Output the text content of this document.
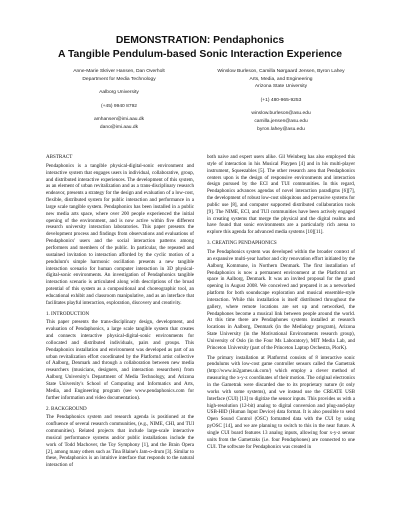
DEMONSTRATION: Pendaphonics
A Tangible Pendulum-based Sonic Interaction Experience
Anne-Marie Skriver Hansen, Dan Overholt
Department for Media Technology
Aalborg University
(+45) 9940 8792
amhansen@imi.aau.dk
dano@imi.aau.dk
Winslow Burleson, Camilla Nørgaard Jensen, Byron Lahey
Arts, Media, and Engineering
Arizona State University
(+1) 480-965-9253
winslow.burleson@asu.edu
camilla.jensen@asu.edu
byron.lahey@asu.edu
ABSTRACT

Pendaphonics is a tangible physical-digital-sonic environment and interactive system that engages users in individual, collaborative, group, and distributed interactive experiences. The development of this system, as an element of urban revitalization and as a trans-disciplinary research endeavor, presents a strategy for the design and evaluation of a low-cost, flexible, distributed system for public interaction and performance in a large scale tangible system. Pendaphonics has been installed in a public new media arts space, where over 200 people experienced the initial opening of the environment, and is now active within five different research university interaction laboratories. This paper presents the development process and findings from observations and evaluations of Pendaphonics' users and the social interaction patterns among performers and members of the public. In particular, the repeated and sustained invitation to interaction afforded by the cyclic motion of a pendulum's simple harmonic oscillation presents a new tangible interaction scenario for human computer interaction in 3D physical-digital-sonic environments. An investigation of Pendaphonics tangible interaction scenario is articulated along with descriptions of the broad potential of this system as a compositional and choreographic tool, an educational exhibit and classroom manipulative, and as an interface that facilitates playful interaction, exploration, discovery and creativity.

1. INTRODUCTION

This paper presents the trans-disciplinary design, development, and evaluation of Pendaphonics, a large scale tangible system that creates and connects interactive physical-digital-sonic environments for collocated and distributed individuals, pairs and groups. This Pendaphonics installation and environment was developed as part of an urban revitalization effort coordinated by the Platform4 artist collective of Aalborg, Denmark and through a collaboration between new media researchers (musicians, designers, and interaction researchers) from Aalborg University's Department of Media Technology, and Arizona State University's School of Computing and Informatics and Arts, Media, and Engineering program (see www.pendaphonics.com for further information and video documentation).

2. BACKGROUND

The Pendaphonics system and research agenda is positioned at the confluence of several research communities, (e.g., NIME, CHI, and TUI communities). Related projects that include large-scale interactive musical performance systems and/or public installations include the work of Todd Machover, the Toy Symphony [1], and the Brain Opera [2], among many others such as Tina Blaine's Jam-o-drum [3]. Similar to these, Pendaphonics is an intuitive interface that responds to the natural interaction of

both naive and expert users alike. Gil Weinberg has also employed this style of interaction in his Musical Playpen [4] and in his multi-player instrument, Squeezables [5]. The other research area that Pendaphonics centers upon is the design of responsive environments and interaction design pursued by the ECI and TUI communities. In this regard, Pendaphonics advances agendas of novel interaction paradigms [6][7], the development of robust low-cost ubiquitous and pervasive systems for public use [8], and computer supported distributed collaboration tools [9]. The NIME, ECI, and TUI communities have been actively engaged in creating systems that merge the physical and the digital realms and have found that sonic environments are a particularly rich arena to explore this agenda for advanced media systems [10][11].

3. CREATING PENDAPHONICS

The Pendaphonics system was developed within the broader context of an expansive multi-year harbor and city renovation effort initiated by the Aalborg Kommune, in Northern Denmark. The first installation of Pendaphonics is now a permanent environment at the Platform4 art space in Aalborg, Denmark. It was an invited proposal for the grand opening in August 2008. We conceived and prepared it as a networked platform for both soundscape exploration and musical ensemble-style interaction. While this installation is itself distributed throughout the gallery, where remote locations are set up and networked, the Pendaphones become a musical link between people around the world. At this time there are Pendaphones systems installed at research locations in Aalborg, Denmark (in the Medialogy program), Arizona State University (in the Motivational Environments research group), University of Oslo (in the Four Ms Laboratory), MIT Media Lab, and Princeton University (part of the Princeton Laptop Orchestra, PlorK).

The primary installation at Platform4 consists of 8 interactive sonic pendulums with low-cost game controller sensors called the Gametrak (http://www.in2games.uk.com/) which employ a clever method of measuring the x-y-z coordinates of their motion. The original electronics in the Gametrak were discarded due to its proprietary nature (it only works with some systems), and we instead use the CREATE USB Interface (CUI) [13] to digitize the sensor inputs. This provides us with a high-resolution (12-bit) analog to digital conversion and plug-and-play USB-HID (Human Input Device) data format. It is also possible to send Open Sound Control (OSC) formatted data with the CUI by using pyOSC [14], and we are planning to switch to this in the near future. A single CUI board features 13 analog inputs, allowing four x-y-z sensor units from the Gametraks (i.e. four Pendaphones) are connected to one CUI. The software for Pendaphonics was created in
